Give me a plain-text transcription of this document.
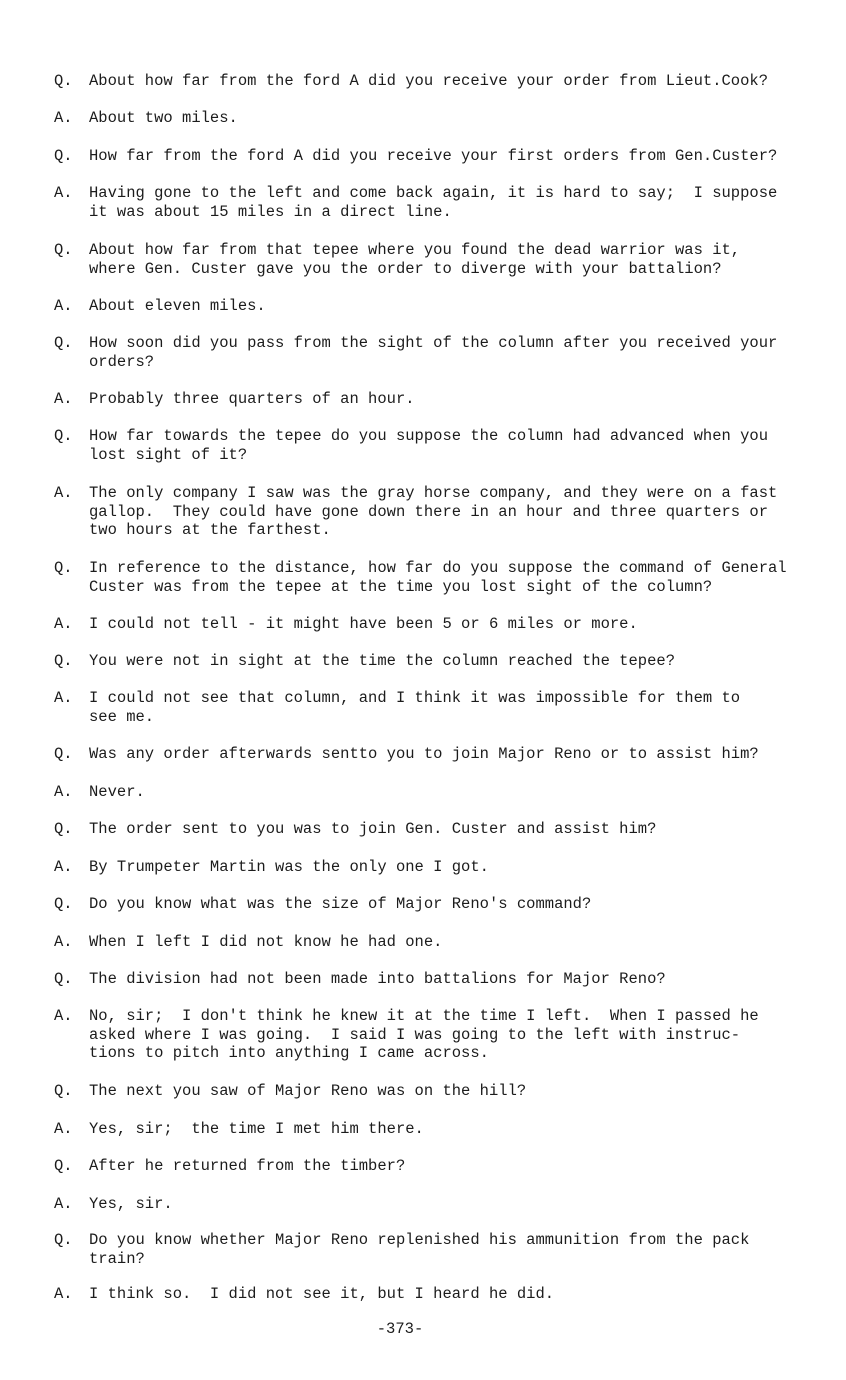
Q.	About how far from the ford A did you receive your order from Lieut.Cook?
A.	About two miles.
Q.	How far from the ford A did you receive your first orders from Gen.Custer?
A.	Having gone to the left and come back again, it is hard to say;  I suppose
it was about 15 miles in a direct line.
Q.	About how far from that tepee where you found the dead warrior was it,
where Gen. Custer gave you the order to diverge with your battalion?
A.	About eleven miles.
Q.	How soon did you pass from the sight of the column after you received your
orders?
A.	Probably three quarters of an hour.
Q.	How far towards the tepee do you suppose the column had advanced when you
lost sight of it?
A.	The only company I saw was the gray horse company, and they were on a fast
gallop.  They could have gone down there in an hour and three quarters or
two hours at the farthest.
Q.	In reference to the distance, how far do you suppose the command of General
Custer was from the tepee at the time you lost sight of the column?
A.	I could not tell - it might have been 5 or 6 miles or more.
Q.	You were not in sight at the time the column reached the tepee?
A.	I could not see that column, and I think it was impossible for them to
see me.
Q.	Was any order afterwards sentto you to join Major Reno or to assist him?
A.	Never.
Q.	The order sent to you was to join Gen. Custer and assist him?
A.	By Trumpeter Martin was the only one I got.
Q.	Do you know what was the size of Major Reno's command?
A.	When I left I did not know he had one.
Q.	The division had not been made into battalions for Major Reno?
A.	No, sir;  I don't think he knew it at the time I left.  When I passed he
asked where I was going.  I said I was going to the left with instruc-
tions to pitch into anything I came across.
Q.	The next you saw of Major Reno was on the hill?
A.	Yes, sir;  the time I met him there.
Q.	After he returned from the timber?
A.	Yes, sir.
Q.	Do you know whether Major Reno replenished his ammunition from the pack
train?
A.	I think so.  I did not see it, but I heard he did.
-373-
